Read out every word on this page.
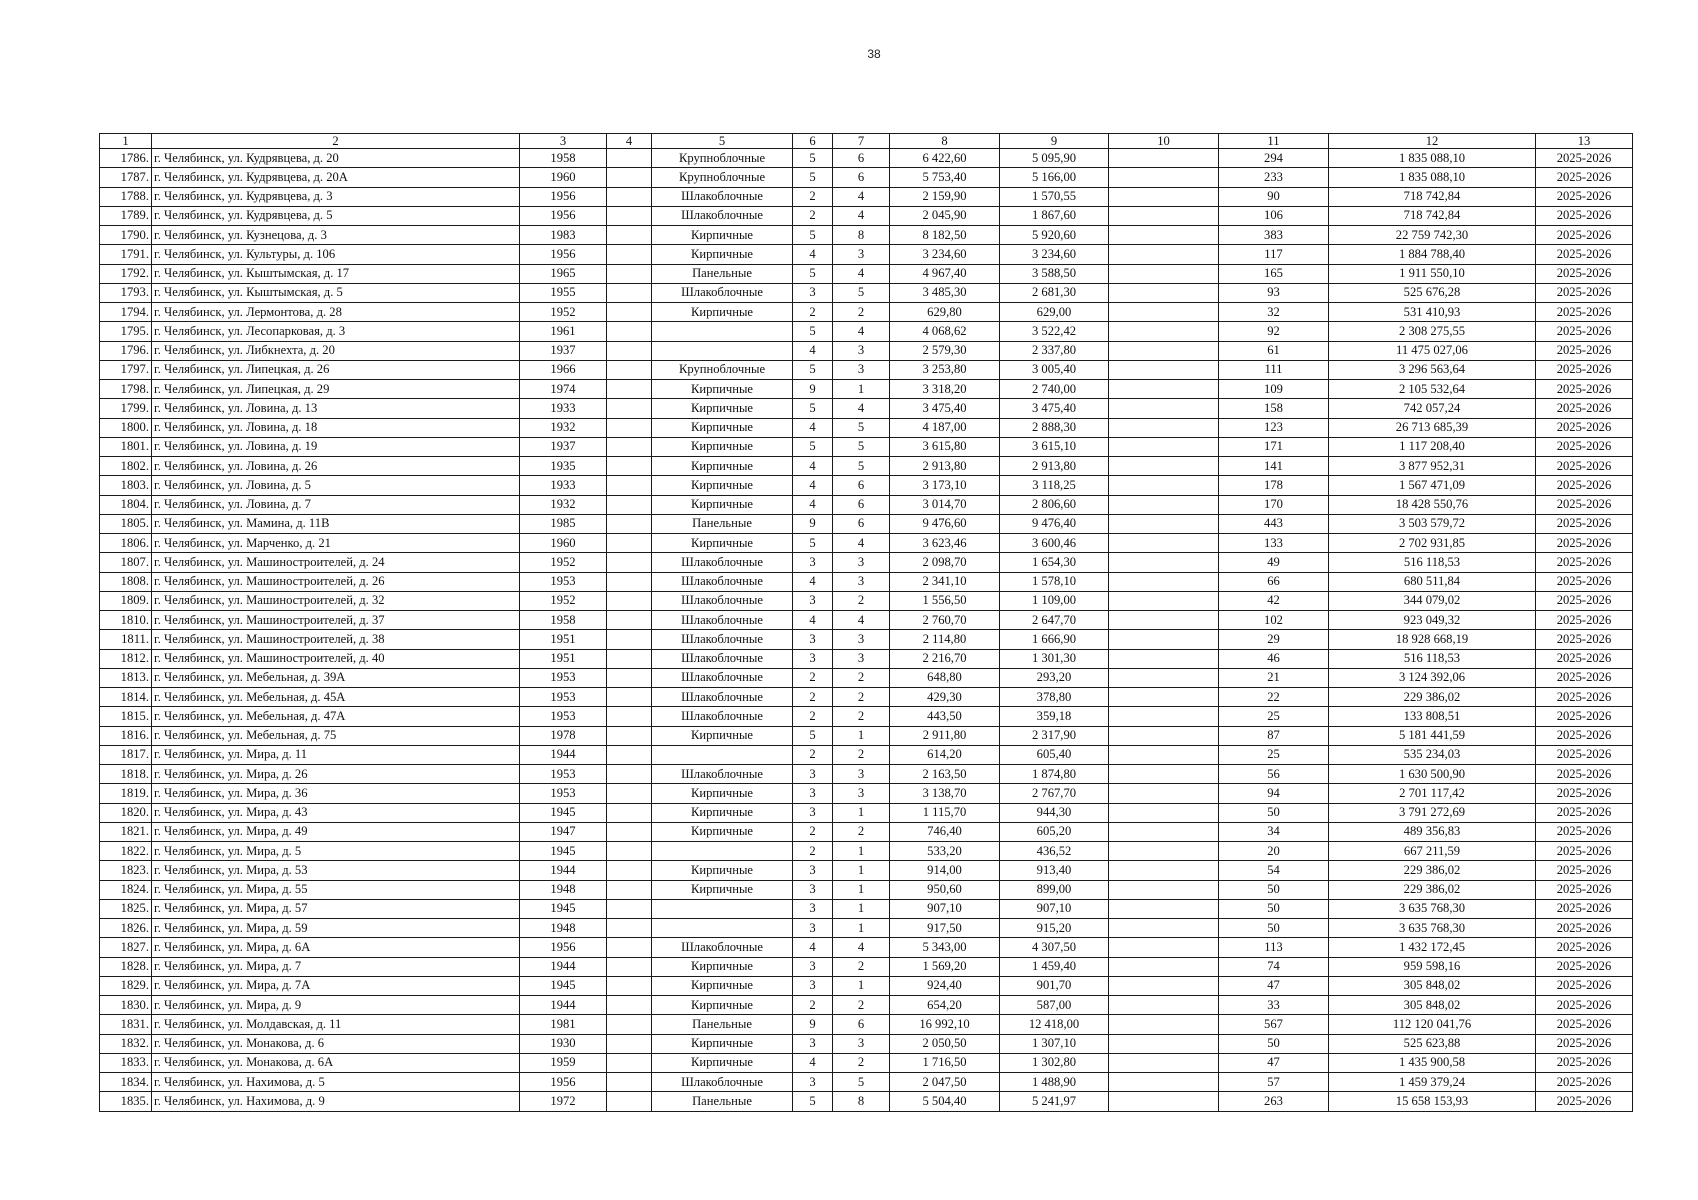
38
1	2	3	4	5	6	7	8	9	10	11	12	13
1786.	г. Челябинск, ул. Кудрявцева, д. 20	1958		Крупноблочные	5	6	6 422,60	5 095,90		294	1 835 088,10	2025-2026
1787.	г. Челябинск, ул. Кудрявцева, д. 20А	1960		Крупноблочные	5	6	5 753,40	5 166,00		233	1 835 088,10	2025-2026
1788.	г. Челябинск, ул. Кудрявцева, д. 3	1956		Шлакоблочные	2	4	2 159,90	1 570,55		90	718 742,84	2025-2026
1789.	г. Челябинск, ул. Кудрявцева, д. 5	1956		Шлакоблочные	2	4	2 045,90	1 867,60		106	718 742,84	2025-2026
1790.	г. Челябинск, ул. Кузнецова, д. 3	1983		Кирпичные	5	8	8 182,50	5 920,60		383	22 759 742,30	2025-2026
1791.	г. Челябинск, ул. Культуры, д. 106	1956		Кирпичные	4	3	3 234,60	3 234,60		117	1 884 788,40	2025-2026
1792.	г. Челябинск, ул. Кыштымская, д. 17	1965		Панельные	5	4	4 967,40	3 588,50		165	1 911 550,10	2025-2026
1793.	г. Челябинск, ул. Кыштымская, д. 5	1955		Шлакоблочные	3	5	3 485,30	2 681,30		93	525 676,28	2025-2026
1794.	г. Челябинск, ул. Лермонтова, д. 28	1952		Кирпичные	2	2	629,80	629,00		32	531 410,93	2025-2026
1795.	г. Челябинск, ул. Лесопарковая, д. 3	1961			5	4	4 068,62	3 522,42		92	2 308 275,55	2025-2026
1796.	г. Челябинск, ул. Либкнехта, д. 20	1937			4	3	2 579,30	2 337,80		61	11 475 027,06	2025-2026
1797.	г. Челябинск, ул. Липецкая, д. 26	1966		Крупноблочные	5	3	3 253,80	3 005,40		111	3 296 563,64	2025-2026
1798.	г. Челябинск, ул. Липецкая, д. 29	1974		Кирпичные	9	1	3 318,20	2 740,00		109	2 105 532,64	2025-2026
1799.	г. Челябинск, ул. Ловина, д. 13	1933		Кирпичные	5	4	3 475,40	3 475,40		158	742 057,24	2025-2026
1800.	г. Челябинск, ул. Ловина, д. 18	1932		Кирпичные	4	5	4 187,00	2 888,30		123	26 713 685,39	2025-2026
1801.	г. Челябинск, ул. Ловина, д. 19	1937		Кирпичные	5	5	3 615,80	3 615,10		171	1 117 208,40	2025-2026
1802.	г. Челябинск, ул. Ловина, д. 26	1935		Кирпичные	4	5	2 913,80	2 913,80		141	3 877 952,31	2025-2026
1803.	г. Челябинск, ул. Ловина, д. 5	1933		Кирпичные	4	6	3 173,10	3 118,25		178	1 567 471,09	2025-2026
1804.	г. Челябинск, ул. Ловина, д. 7	1932		Кирпичные	4	6	3 014,70	2 806,60		170	18 428 550,76	2025-2026
1805.	г. Челябинск, ул. Мамина, д. 11В	1985		Панельные	9	6	9 476,60	9 476,40		443	3 503 579,72	2025-2026
1806.	г. Челябинск, ул. Марченко, д. 21	1960		Кирпичные	5	4	3 623,46	3 600,46		133	2 702 931,85	2025-2026
1807.	г. Челябинск, ул. Машиностроителей, д. 24	1952		Шлакоблочные	3	3	2 098,70	1 654,30		49	516 118,53	2025-2026
1808.	г. Челябинск, ул. Машиностроителей, д. 26	1953		Шлакоблочные	4	3	2 341,10	1 578,10		66	680 511,84	2025-2026
1809.	г. Челябинск, ул. Машиностроителей, д. 32	1952		Шлакоблочные	3	2	1 556,50	1 109,00		42	344 079,02	2025-2026
1810.	г. Челябинск, ул. Машиностроителей, д. 37	1958		Шлакоблочные	4	4	2 760,70	2 647,70		102	923 049,32	2025-2026
1811.	г. Челябинск, ул. Машиностроителей, д. 38	1951		Шлакоблочные	3	3	2 114,80	1 666,90		29	18 928 668,19	2025-2026
1812.	г. Челябинск, ул. Машиностроителей, д. 40	1951		Шлакоблочные	3	3	2 216,70	1 301,30		46	516 118,53	2025-2026
1813.	г. Челябинск, ул. Мебельная, д. 39А	1953		Шлакоблочные	2	2	648,80	293,20		21	3 124 392,06	2025-2026
1814.	г. Челябинск, ул. Мебельная, д. 45А	1953		Шлакоблочные	2	2	429,30	378,80		22	229 386,02	2025-2026
1815.	г. Челябинск, ул. Мебельная, д. 47А	1953		Шлакоблочные	2	2	443,50	359,18		25	133 808,51	2025-2026
1816.	г. Челябинск, ул. Мебельная, д. 75	1978		Кирпичные	5	1	2 911,80	2 317,90		87	5 181 441,59	2025-2026
1817.	г. Челябинск, ул. Мира, д. 11	1944			2	2	614,20	605,40		25	535 234,03	2025-2026
1818.	г. Челябинск, ул. Мира, д. 26	1953		Шлакоблочные	3	3	2 163,50	1 874,80		56	1 630 500,90	2025-2026
1819.	г. Челябинск, ул. Мира, д. 36	1953		Кирпичные	3	3	3 138,70	2 767,70		94	2 701 117,42	2025-2026
1820.	г. Челябинск, ул. Мира, д. 43	1945		Кирпичные	3	1	1 115,70	944,30		50	3 791 272,69	2025-2026
1821.	г. Челябинск, ул. Мира, д. 49	1947		Кирпичные	2	2	746,40	605,20		34	489 356,83	2025-2026
1822.	г. Челябинск, ул. Мира, д. 5	1945			2	1	533,20	436,52		20	667 211,59	2025-2026
1823.	г. Челябинск, ул. Мира, д. 53	1944		Кирпичные	3	1	914,00	913,40		54	229 386,02	2025-2026
1824.	г. Челябинск, ул. Мира, д. 55	1948		Кирпичные	3	1	950,60	899,00		50	229 386,02	2025-2026
1825.	г. Челябинск, ул. Мира, д. 57	1945			3	1	907,10	907,10		50	3 635 768,30	2025-2026
1826.	г. Челябинск, ул. Мира, д. 59	1948			3	1	917,50	915,20		50	3 635 768,30	2025-2026
1827.	г. Челябинск, ул. Мира, д. 6А	1956		Шлакоблочные	4	4	5 343,00	4 307,50		113	1 432 172,45	2025-2026
1828.	г. Челябинск, ул. Мира, д. 7	1944		Кирпичные	3	2	1 569,20	1 459,40		74	959 598,16	2025-2026
1829.	г. Челябинск, ул. Мира, д. 7А	1945		Кирпичные	3	1	924,40	901,70		47	305 848,02	2025-2026
1830.	г. Челябинск, ул. Мира, д. 9	1944		Кирпичные	2	2	654,20	587,00		33	305 848,02	2025-2026
1831.	г. Челябинск, ул. Молдавская, д. 11	1981		Панельные	9	6	16 992,10	12 418,00		567	112 120 041,76	2025-2026
1832.	г. Челябинск, ул. Монакова, д. 6	1930		Кирпичные	3	3	2 050,50	1 307,10		50	525 623,88	2025-2026
1833.	г. Челябинск, ул. Монакова, д. 6А	1959		Кирпичные	4	2	1 716,50	1 302,80		47	1 435 900,58	2025-2026
1834.	г. Челябинск, ул. Нахимова, д. 5	1956		Шлакоблочные	3	5	2 047,50	1 488,90		57	1 459 379,24	2025-2026
1835.	г. Челябинск, ул. Нахимова, д. 9	1972		Панельные	5	8	5 504,40	5 241,97		263	15 658 153,93	2025-2026
